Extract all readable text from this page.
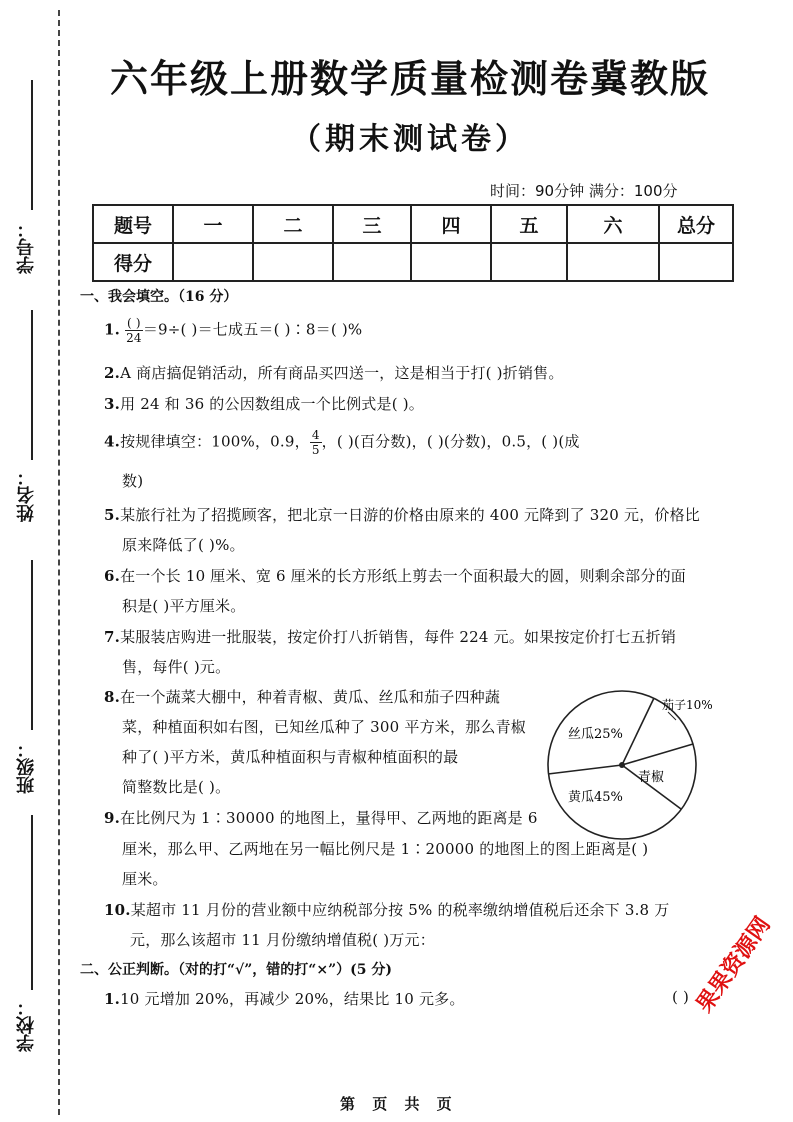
学号：
姓名：
班级：
学校：
六年级上册数学质量检测卷冀教版
（期末测试卷）
时间：90分钟 满分：100分
题号	一	二	三	四	五	六	总分
得分							
一、我会填空。（16 分）
1. $\frac{( )}{24} =9\div$( )＝七成五＝( )∶8＝( )%
2.A 商店搞促销活动，所有商品买四送一，这是相当于打( )折销售。
3.用 24 和 36 的公因数组成一个比例式是( )。
4.按规律填空：100%，0.9， $\frac{4}{5}$ ，( )(百分数)，( )(分数)，0.5，( )(成
数)
5.某旅行社为了招揽顾客，把北京一日游的价格由原来的 400 元降到了 320 元，价格比
原来降低了( )%。
6.在一个长 10 厘米、宽 6 厘米的长方形纸上剪去一个面积最大的圆，则剩余部分的面
积是( )平方厘米。
7.某服装店购进一批服装，按定价打八折销售，每件 224 元。如果按定价打七五折销
售，每件( )元。
8.在一个蔬菜大棚中，种着青椒、黄瓜、丝瓜和茄子四种蔬
菜，种植面积如右图，已知丝瓜种了 300 平方米，那么青椒
种了( )平方米，黄瓜种植面积与青椒种植面积的最
简整数比是( )。
茄子10%
丝瓜25%
青椒
黄瓜45%
9.在比例尺为 1∶30000 的地图上，量得甲、乙两地的距离是 6
厘米，那么甲、乙两地在另一幅比例尺是 1∶20000 的地图上的图上距离是( )
厘米。
10.某超市 11 月份的营业额中应纳税部分按 5% 的税率缴纳增值税后还余下 3.8 万
元，那么该超市 11 月份缴纳增值税( )万元：
二、公正判断。（对的打“√”，错的打“×”）(5 分)
1.10 元增加 20%，再减少 20%，结果比 10 元多。	( ) 果果资源网
第 页 共 页
